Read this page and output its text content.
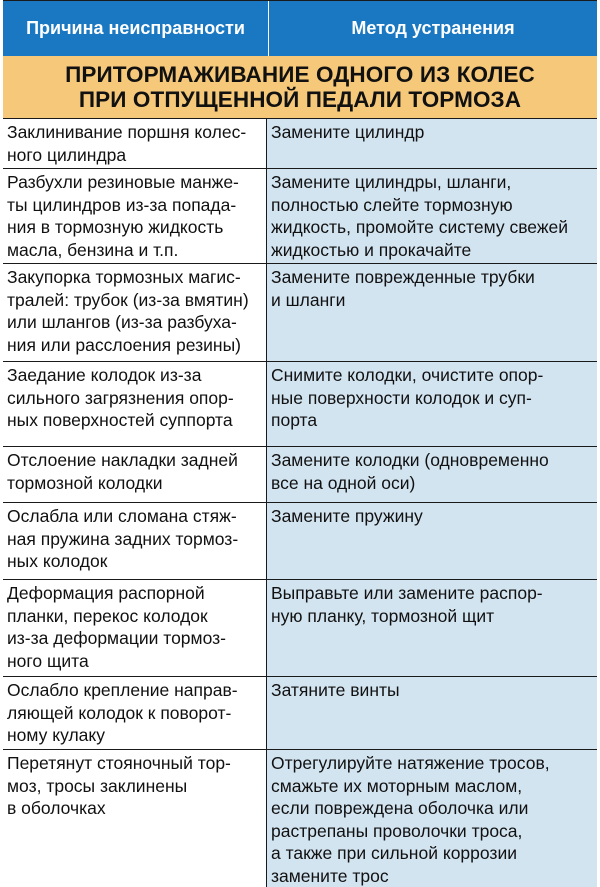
Причина неисправности	Метод устранения
ПРИТОРМАЖИВАНИЕ ОДНОГО ИЗ КОЛЕС
ПРИ ОТПУЩЕННОЙ ПЕДАЛИ ТОРМОЗА
Заклинивание поршня колес-
ного цилиндра
Замените цилиндр
Разбухли резиновые манже-
ты цилиндров из-за попада-
ния в тормозную жидкость
масла, бензина и т.п.
Замените цилиндры, шланги,
полностью слейте тормозную
жидкость, промойте систему свежей
жидкостью и прокачайте
Закупорка тормозных магис-
тралей: трубок (из-за вмятин)
или шлангов (из-за разбуха-
ния или расслоения резины)
Замените поврежденные трубки
и шланги
Заедание колодок из-за
сильного загрязнения опор-
ных поверхностей суппорта
Снимите колодки, очистите опор-
ные поверхности колодок и суп-
порта
Отслоение накладки задней
тормозной колодки
Замените колодки (одновременно
все на одной оси)
Ослабла или сломана стяж-
ная пружина задних тормоз-
ных колодок
Замените пружину
Деформация распорной
планки, перекос колодок
из-за деформации тормоз-
ного щита
Выправьте или замените распор-
ную планку, тормозной щит
Ослабло крепление направ-
ляющей колодок к поворот-
ному кулаку
Затяните винты
Перетянут стояночный тор-
моз, тросы заклинены
в оболочках
Отрегулируйте натяжение тросов,
смажьте их моторным маслом,
если повреждена оболочка или
растрепаны проволочки троса,
а также при сильной коррозии
замените трос
